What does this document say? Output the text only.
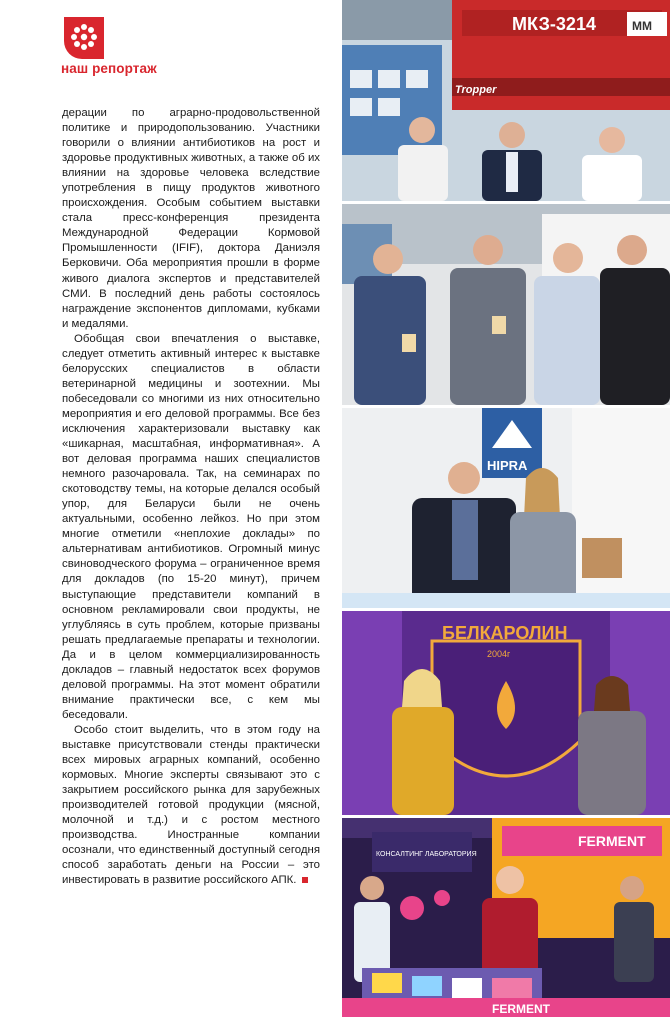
наш репортаж

дерации по аграрно-продовольственной политике и природопользованию. Участники говорили о влиянии антибиотиков на рост и здоровье продуктивных животных, а также об их влиянии на здоровье человека вследствие употребления в пищу продуктов животного происхождения. Особым событием выставки стала пресс-конференция президента Международной Федерации Кормовой Промышленности (IFIF), доктора Даниэля Берковичи. Оба мероприятия прошли в форме живого диалога экспертов и представителей СМИ. В последний день работы состоялось награждение экспонентов дипломами, кубками и медалями.

Обобщая свои впечатления о выставке, следует отметить активный интерес к выставке белорусских специалистов в области ветеринарной медицины и зоотехнии. Мы побеседовали со многими из них относительно мероприятия и его деловой программы. Все без исключения характеризовали выставку как «шикарная, масштабная, информативная». А вот деловая программа наших специалистов немного разочаровала. Так, на семинарах по скотоводству темы, на которые делался особый упор, для Беларуси были не очень актуальными, особенно лейкоз. Но при этом многие отметили «неплохие доклады» по альтернативам антибиотиков. Огромный минус свиноводческого форума – ограниченное время для докладов (по 15-20 минут), причем выступающие представители компаний в основном рекламировали свои продукты, не углубляясь в суть проблем, которые призваны решать предлагаемые препараты и технологии. Да и в целом коммерциализированность докладов – главный недостаток всех форумов деловой программы. На этот момент обратили внимание практически все, с кем мы беседовали.

Особо стоит выделить, что в этом году на выставке присутствовали стенды практически всех мировых аграрных компаний, особенно кормовых. Многие эксперты связывают это с закрытием российского рынка для зарубежных производителей готовой продукции (мясной, молочной и т.д.) и с ростом местного производства. Иностранные компании осознали, что единственный доступный сегодня способ заработать деньги на России – это инвестировать в развитие российского АПК.

МКЗ-3214	ММ
Tropper
HIPRA
БЕЛКАРОЛИН
2004г
FERMENT
КОНСАЛТИНГ ЛАБОРАТОРИЯ
FERMENT
